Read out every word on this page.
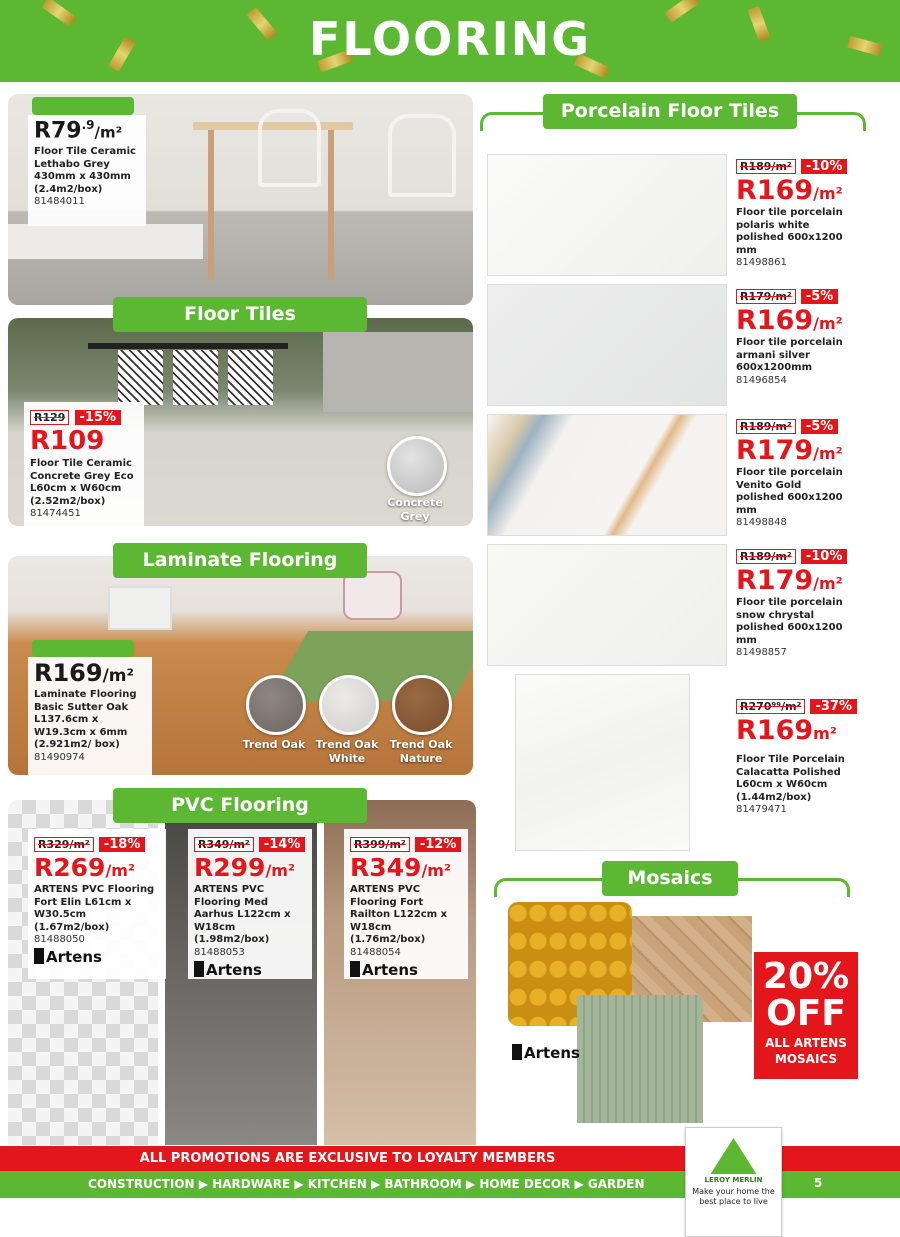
FLOORING
$R79^{.9}/m^2$
Floor Tile Ceramic Lethabo Grey 430mm x 430mm (2.4m2/box)
81484011
Floor Tiles
R129 -15%
R109
Floor Tile Ceramic Concrete Grey Eco L60cm x W60cm (2.52m2/box)
81474451
Concrete Grey
Laminate Flooring
R169/m²
Laminate Flooring Basic Sutter Oak L137.6cm x W19.3cm x 6mm (2.921m2/ box)
81490974
Trend Oak Trend Oak White
Trend Oak Nature
PVC Flooring
R329/m² -18%
R269/m²
ARTENS PVC Flooring Fort Elin L61cm x W30.5cm (1.67m2/box)
81488050
Artens
R349/m² -14%
R299/m²
ARTENS PVC Flooring Med Aarhus L122cm x W18cm (1.98m2/box)
81488053
Artens
R399/m² -12%
R349/m²
ARTENS PVC Flooring Fort Railton L122cm x W18cm (1.76m2/box)
81488054
Artens
Porcelain Floor Tiles
R189/m² -10%
R169/m²
Floor tile porcelain polaris white polished 600x1200 mm
81498861
R179/m² -5%
R169/m²
Floor tile porcelain armani silver 600x1200mm
81496854
R189/m² -5%
R179/m²
Floor tile porcelain Venito Gold polished 600x1200 mm
81498848
R189/m² -10%
R179/m²
Floor tile porcelain snow chrystal polished 600x1200 mm
81498857
R270⁹⁹/m² -37%
R169m²
Floor Tile Porcelain Calacatta Polished L60cm x W60cm (1.44m2/box)
81479471
Mosaics
Artens
20%
OFF
ALL ARTENS MOSAICS
ALL PROMOTIONS ARE EXCLUSIVE TO LOYALTY MEMBERS
CONSTRUCTION ▶ HARDWARE ▶ KITCHEN ▶ BATHROOM ▶ HOME DECOR ▶ GARDEN	5
LEROY MERLIN
Make your home the best place to live
